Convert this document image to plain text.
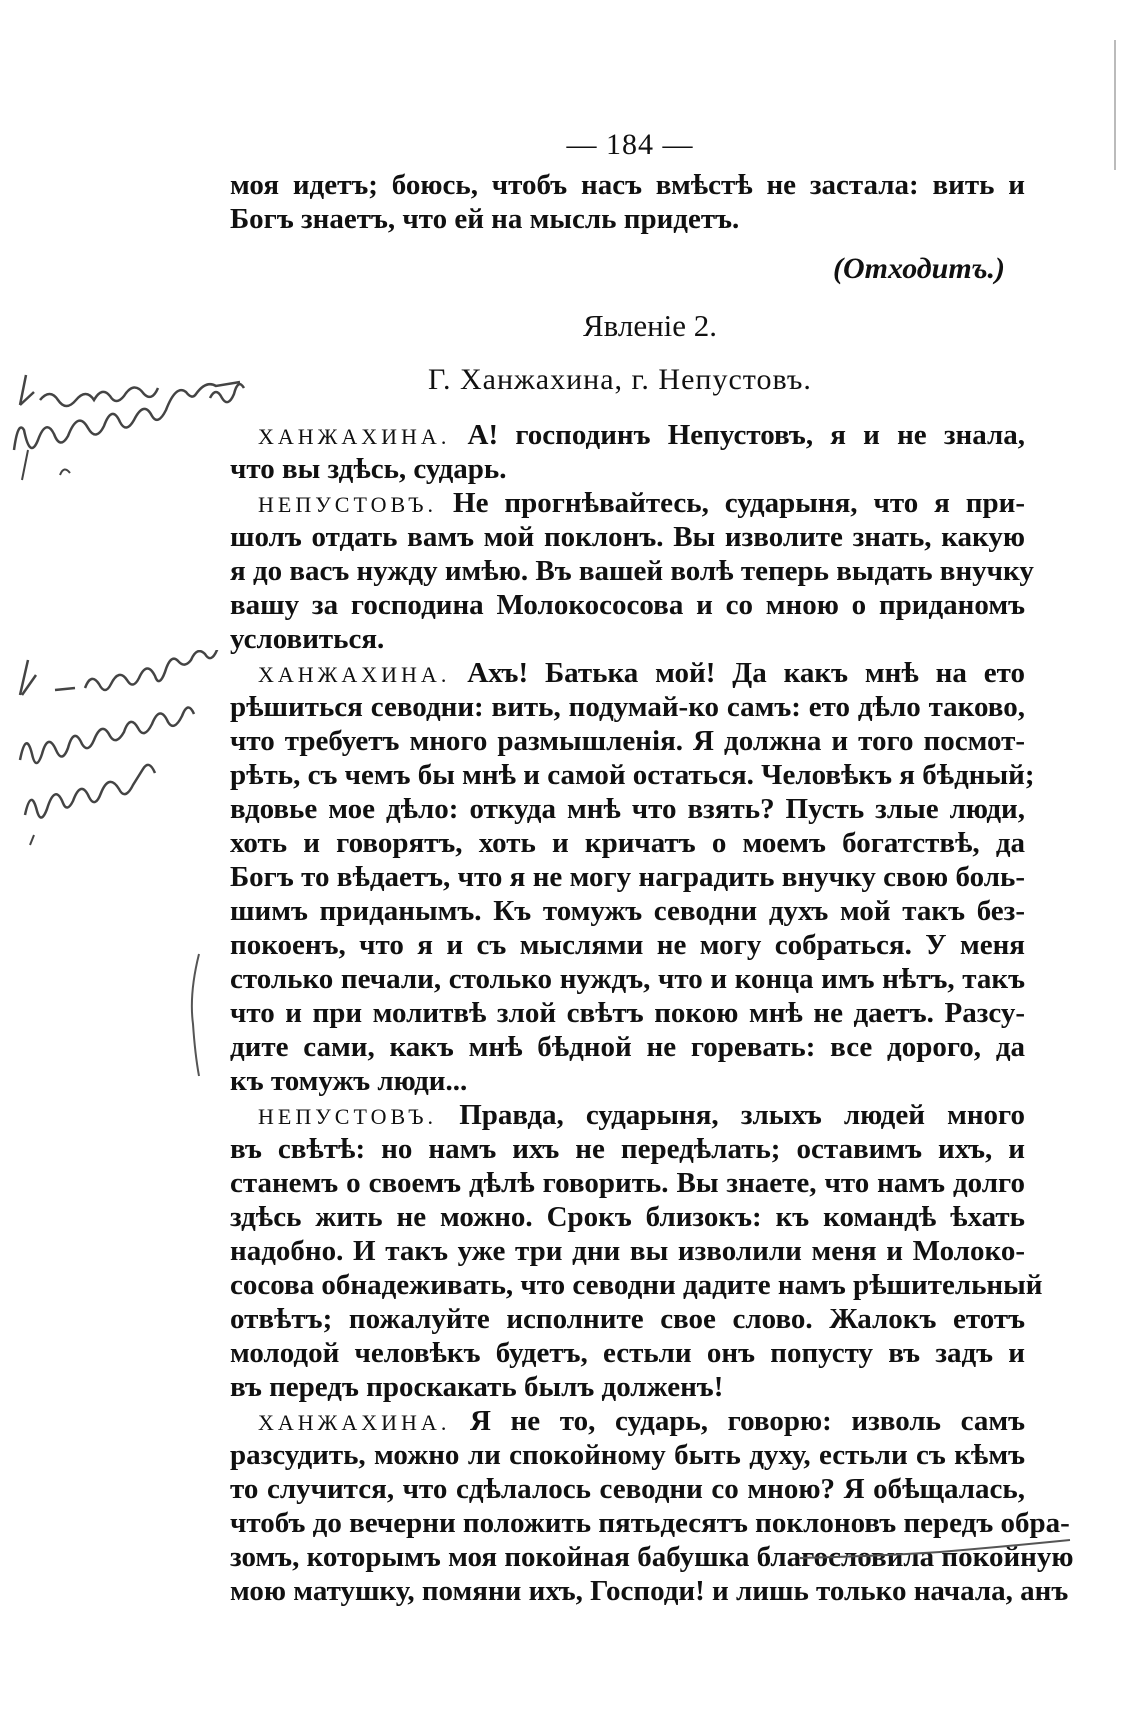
— 184 —
моя идетъ; боюсь, чтобъ насъ вмѣстѣ не застала: вить и
Богъ знаетъ, что ей на мысль придетъ.
(Отходитъ.)
Явленіе 2.
Г. Ханжахина, г. Непустовъ.
ХАНЖАХИНА. А! господинъ Непустовъ, я и не знала,
что вы здѣсь, сударь.
НЕПУСТОВЪ. Не прогнѣвайтесь, сударыня, что я при-
шолъ отдать вамъ мой поклонъ. Вы изволите знать, какую
я до васъ нужду имѣю. Въ вашей волѣ теперь выдать внучку
вашу за господина Молокососова и со мною о приданомъ
условиться.
ХАНЖАХИНА. Ахъ! Батька мой! Да какъ мнѣ на ето
рѣшиться севодни: вить, подумай-ко самъ: ето дѣло таково,
что требуетъ много размышленія. Я должна и того посмот-
рѣть, съ чемъ бы мнѣ и самой остаться. Человѣкъ я бѣдный;
вдовье мое дѣло: откуда мнѣ что взять? Пусть злые люди,
хоть и говорятъ, хоть и кричатъ о моемъ богатствѣ, да
Богъ то вѣдаетъ, что я не могу наградить внучку свою боль-
шимъ приданымъ. Къ томужъ севодни духъ мой такъ без-
покоенъ, что я и съ мыслями не могу собраться. У меня
столько печали, столько нуждъ, что и конца имъ нѣтъ, такъ
что и при молитвѣ злой свѣтъ покою мнѣ не даетъ. Разсу-
дите сами, какъ мнѣ бѣдной не горевать: все дорого, да
къ томужъ люди...
НЕПУСТОВЪ. Правда, сударыня, злыхъ людей много
въ свѣтѣ: но намъ ихъ не передѣлать; оставимъ ихъ, и
станемъ о своемъ дѣлѣ говорить. Вы знаете, что намъ долго
здѣсь жить не можно. Срокъ близокъ: къ командѣ ѣхать
надобно. И такъ уже три дни вы изволили меня и Молоко-
сосова обнадеживать, что севодни дадите намъ рѣшительный
отвѣтъ; пожалуйте исполните свое слово. Жалокъ етотъ
молодой человѣкъ будетъ, естьли онъ попусту въ задъ и
въ передъ проскакать былъ долженъ!
ХАНЖАХИНА. Я не то, сударь, говорю: изволь самъ
разсудить, можно ли спокойному быть духу, естьли съ кѣмъ
то случится, что сдѣлалось севодни со мною? Я обѣщалась,
чтобъ до вечерни положить пятьдесятъ поклоновъ передъ обра-
зомъ, которымъ моя покойная бабушка благословила покойную
мою матушку, помяни ихъ, Господи! и лишь только начала, анъ
